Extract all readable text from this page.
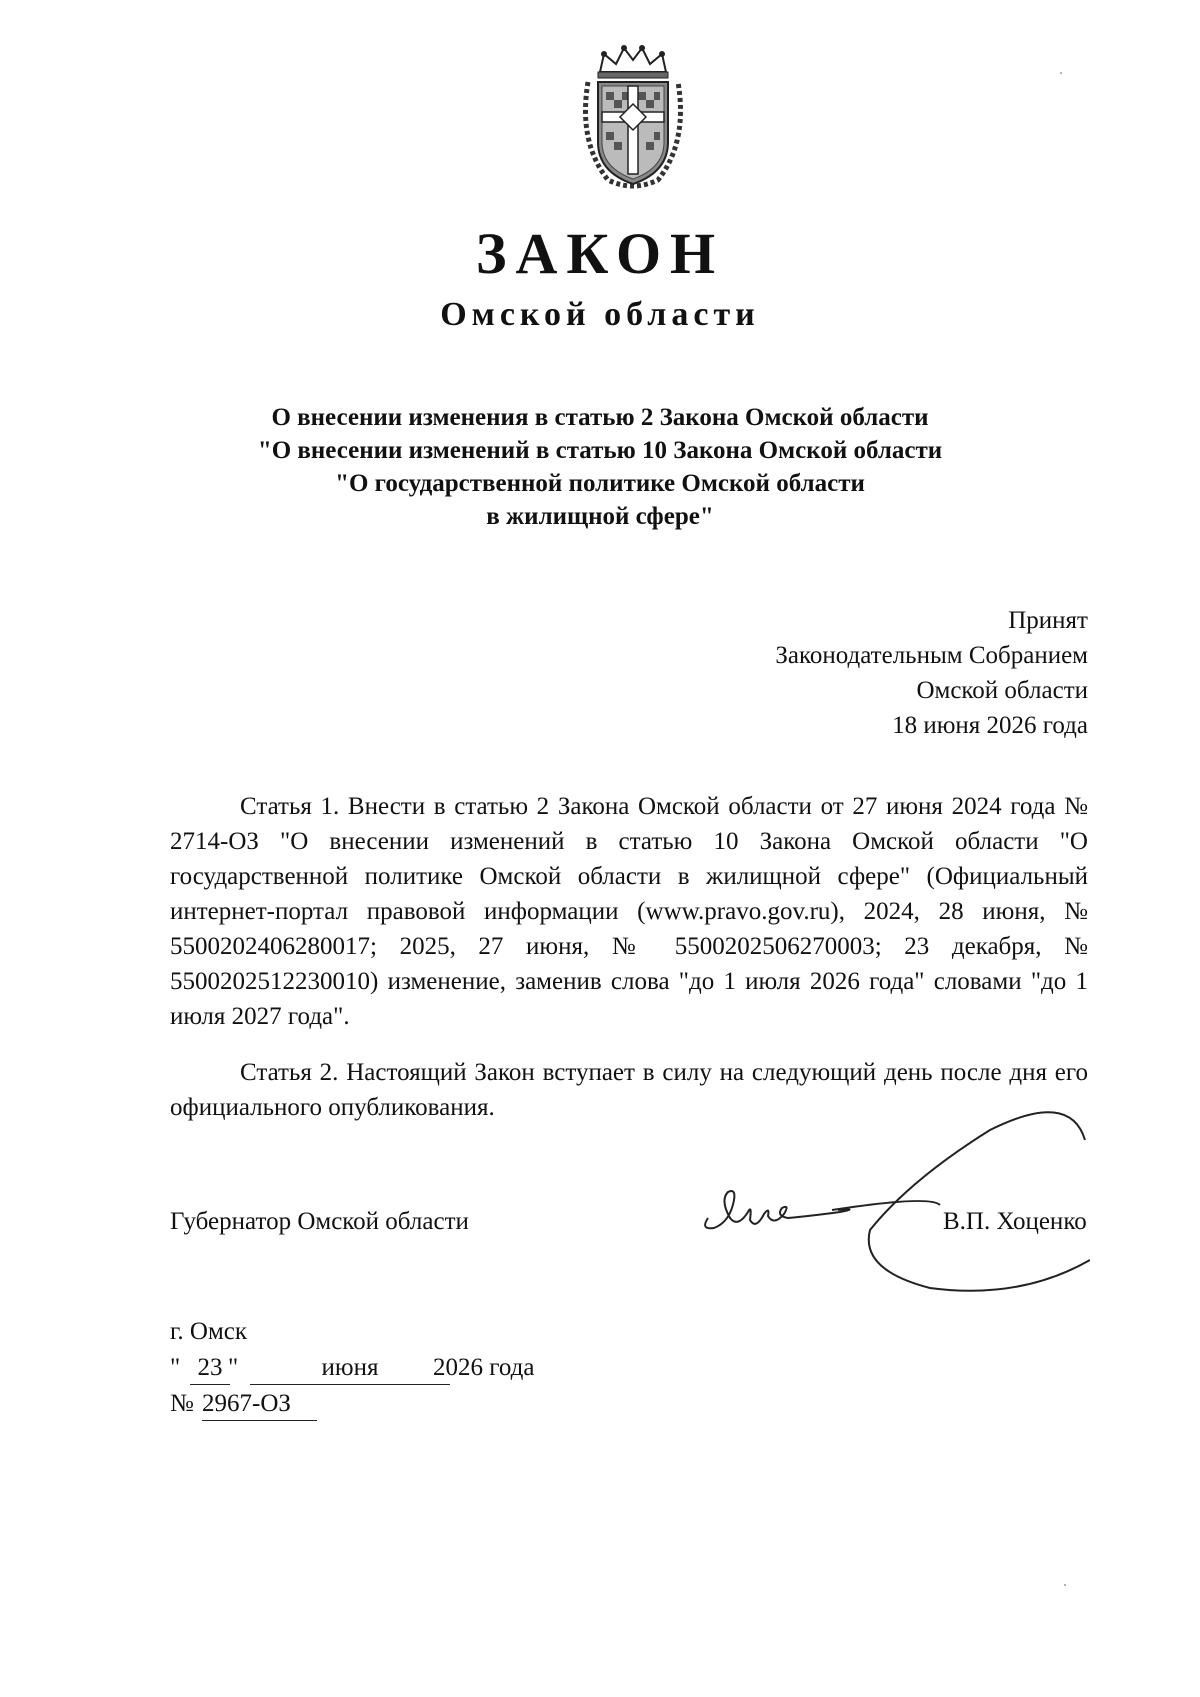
ЗАКОН
Омской области
О внесении изменения в статью 2 Закона Омской области
"О внесении изменений в статью 10 Закона Омской области
"О государственной политике Омской области
в жилищной сфере"
Принят
Законодательным Собранием
Омской области
18 июня 2026 года
Статья 1. Внести в статью 2 Закона Омской области от 27 июня 2024 года № 2714-ОЗ "О внесении изменений в статью 10 Закона Омской области "О государственной политике Омской области в жилищной сфере" (Официальный интернет-портал правовой информации (www.pravo.gov.ru), 2024, 28 июня, № 5500202406280017; 2025, 27 июня, № 5500202506270003; 23 декабря, № 5500202512230010) изменение, заменив слова "до 1 июля 2026 года" словами "до 1 июля 2027 года".
Статья 2. Настоящий Закон вступает в силу на следующий день после дня его официального опубликования.
Губернатор Омской области	В.П. Хоценко
г. Омск
" 23 "	июня	2026 года
№ 2967-ОЗ
